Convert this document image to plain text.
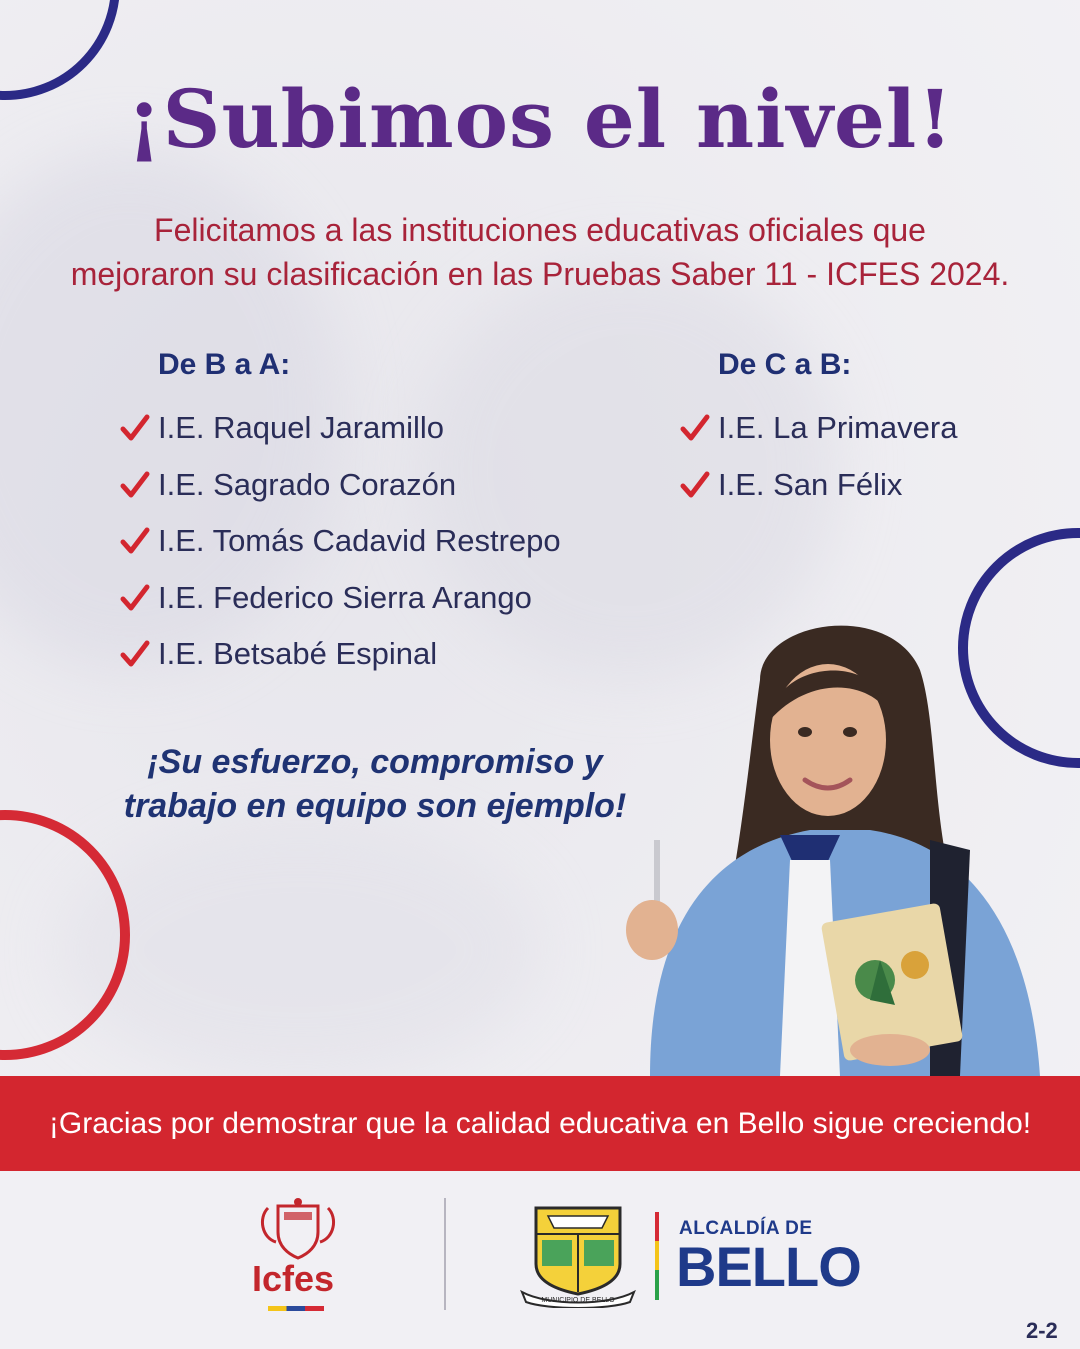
¡Subimos el nivel!

Felicitamos a las instituciones educativas oficiales que
mejoraron su clasificación en las Pruebas Saber 11 - ICFES 2024.

De B a A:
I.E. Raquel Jaramillo
I.E. Sagrado Corazón
I.E. Tomás Cadavid Restrepo
I.E. Federico Sierra Arango
I.E. Betsabé Espinal
De C a B:
I.E. La Primavera
I.E. San Félix

¡Su esfuerzo, compromiso y
trabajo en equipo son ejemplo!

¡Gracias por demostrar que la calidad educativa en Bello sigue creciendo!
Icfes
MUNICIPIO DE BELLO
ALCALDÍA DE
BELLO
2-2
